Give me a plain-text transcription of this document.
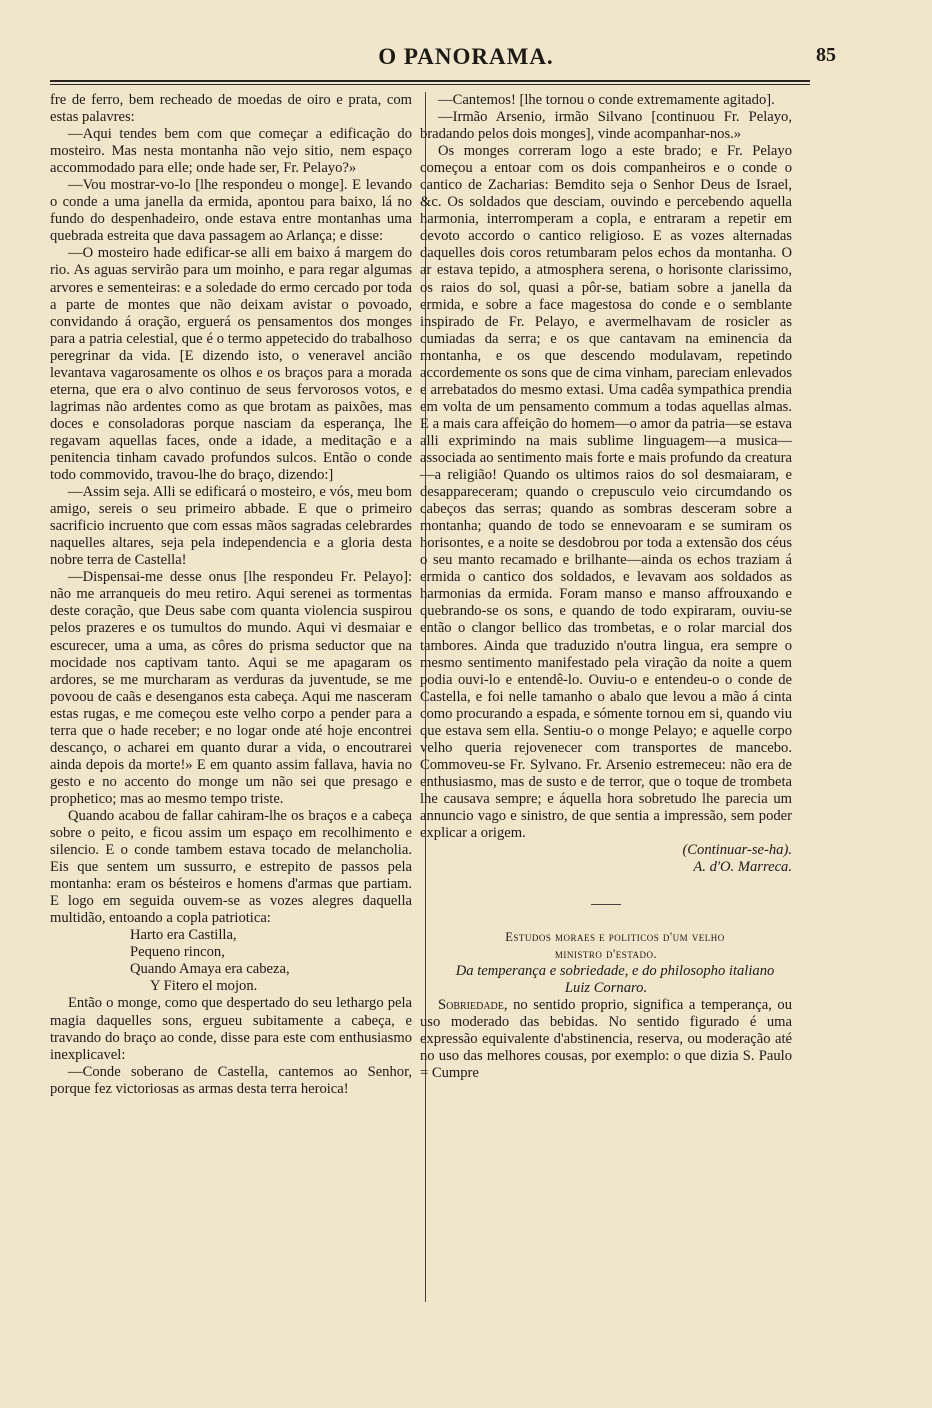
O PANORAMA.	85

fre de ferro, bem recheado de moedas de oiro e prata, com estas palavres:

—Aqui tendes bem com que começar a edificação do mosteiro. Mas nesta montanha não vejo sitio, nem espaço accommodado para elle; onde hade ser, Fr. Pelayo?»

—Vou mostrar-vo-lo [lhe respondeu o monge]. E levando o conde a uma janella da ermida, apontou para baixo, lá no fundo do despenhadeiro, onde estava entre montanhas uma quebrada estreita que dava passagem ao Arlança; e disse:

—O mosteiro hade edificar-se alli em baixo á margem do rio. As aguas servirão para um moinho, e para regar algumas arvores e sementeiras: e a soledade do ermo cercado por toda a parte de montes que não deixam avistar o povoado, convidando á oração, erguerá os pensamentos dos monges para a patria celestial, que é o termo appetecido do trabalhoso peregrinar da vida. [E dizendo isto, o veneravel ancião levantava vagarosamente os olhos e os braços para a morada eterna, que era o alvo continuo de seus fervorosos votos, e lagrimas não ardentes como as que brotam as paixões, mas doces e consoladoras porque nasciam da esperança, lhe regavam aquellas faces, onde a idade, a meditação e a penitencia tinham cavado profundos sulcos. Então o conde todo commovido, travou-lhe do braço, dizendo:]

—Assim seja. Alli se edificará o mosteiro, e vós, meu bom amigo, sereis o seu primeiro abbade. E que o primeiro sacrificio incruento que com essas mãos sagradas celebrardes naquelles altares, seja pela independencia e a gloria desta nobre terra de Castella!

—Dispensai-me desse onus [lhe respondeu Fr. Pelayo]: não me arranqueis do meu retiro. Aqui serenei as tormentas deste coração, que Deus sabe com quanta violencia suspirou pelos prazeres e os tumultos do mundo. Aqui vi desmaiar e escurecer, uma a uma, as côres do prisma seductor que na mocidade nos captivam tanto. Aqui se me apagaram os ardores, se me murcharam as verduras da juventude, se me povoou de caãs e desenganos esta cabeça. Aqui me nasceram estas rugas, e me começou este velho corpo a pender para a terra que o hade receber; e no logar onde até hoje encontrei descanço, o acharei em quanto durar a vida, o encoutrarei ainda depois da morte!» E em quanto assim fallava, havia no gesto e no accento do monge um não sei que presago e prophetico; mas ao mesmo tempo triste.

Quando acabou de fallar cahiram-lhe os braços e a cabeça sobre o peito, e ficou assim um espaço em recolhimento e silencio. E o conde tambem estava tocado de melancholia. Eis que sentem um sussurro, e estrepito de passos pela montanha: eram os bésteiros e homens d'armas que partiam. E logo em seguida ouvem-se as vozes alegres daquella multidão, entoando a copla patriotica:

Harto era Castilla,
Pequeno rincon,
Quando Amaya era cabeza,
Y Fitero el mojon.

Então o monge, como que despertado do seu lethargo pela magia daquelles sons, ergueu subitamente a cabeça, e travando do braço ao conde, disse para este com enthusiasmo inexplicavel:

—Conde soberano de Castella, cantemos ao Senhor, porque fez victoriosas as armas desta terra heroica!

—Cantemos! [lhe tornou o conde extremamente agitado].

—Irmão Arsenio, irmão Silvano [continuou Fr. Pelayo, bradando pelos dois monges], vinde acompanhar-nos.»

Os monges correram logo a este brado; e Fr. Pelayo começou a entoar com os dois companheiros e o conde o cantico de Zacharias: Bemdito seja o Senhor Deus de Israel, &c. Os soldados que desciam, ouvindo e percebendo aquella harmonia, interromperam a copla, e entraram a repetir em devoto accordo o cantico religioso. E as vozes alternadas daquelles dois coros retumbaram pelos echos da montanha. O ar estava tepido, a atmosphera serena, o horisonte clarissimo, os raios do sol, quasi a pôr-se, batiam sobre a janella da ermida, e sobre a face magestosa do conde e o semblante inspirado de Fr. Pelayo, e avermelhavam de rosicler as cumiadas da serra; e os que cantavam na eminencia da montanha, e os que descendo modulavam, repetindo accordemente os sons que de cima vinham, pareciam enlevados e arrebatados do mesmo extasi. Uma cadêa sympathica prendia em volta de um pensamento commum a todas aquellas almas. E a mais cara affeição do homem—o amor da patria—se estava alli exprimindo na mais sublime linguagem—a musica—associada ao sentimento mais forte e mais profundo da creatura—a religião! Quando os ultimos raios do sol desmaiaram, e desappareceram; quando o crepusculo veio circumdando os cabeços das serras; quando as sombras desceram sobre a montanha; quando de todo se ennevoaram e se sumiram os horisontes, e a noite se desdobrou por toda a extensão dos céus o seu manto recamado e brilhante—ainda os echos traziam á ermida o cantico dos soldados, e levavam aos soldados as harmonias da ermida. Foram manso e manso affrouxando e quebrando-se os sons, e quando de todo expiraram, ouviu-se então o clangor bellico das trombetas, e o rolar marcial dos tambores. Ainda que traduzido n'outra lingua, era sempre o mesmo sentimento manifestado pela viração da noite a quem podia ouvi-lo e entendê-lo. Ouviu-o e entendeu-o o conde de Castella, e foi nelle tamanho o abalo que levou a mão á cinta como procurando a espada, e sómente tornou em si, quando viu que estava sem ella. Sentiu-o o monge Pelayo; e aquelle corpo velho queria rejovenecer com transportes de mancebo. Commoveu-se Fr. Sylvano. Fr. Arsenio estremeceu: não era de enthusiasmo, mas de susto e de terror, que o toque de trombeta lhe causava sempre; e áquella hora sobretudo lhe parecia um annuncio vago e sinistro, de que sentia a impressão, sem poder explicar a origem.

(Continuar-se-ha).

A. d'O. Marreca.

Estudos moraes e politicos d'um velho
ministro d'estado.

Da temperança e sobriedade, e do philosopho italiano
Luiz Cornaro.

Sobriedade, no sentido proprio, significa a temperança, ou uso moderado das bebidas. No sentido figurado é uma expressão equivalente d'abstinencia, reserva, ou moderação até no uso das melhores cousas, por exemplo: o que dizia S. Paulo = Cumpre
